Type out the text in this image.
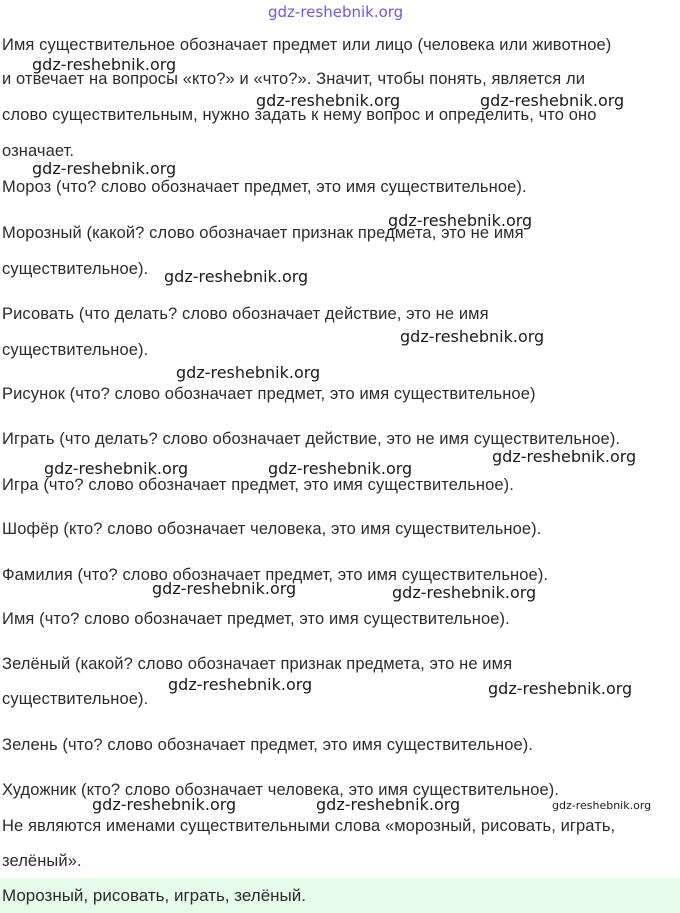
gdz-reshebnik.org
Имя существительное обозначает предмет или лицо (человека или животное)
и отвечает на вопросы «кто?» и «что?». Значит, чтобы понять, является ли
слово существительным, нужно задать к нему вопрос и определить, что оно
означает.
Мороз (что? слово обозначает предмет, это имя существительное).
Морозный (какой? слово обозначает признак предмета, это не имя
существительное).
Рисовать (что делать? слово обозначает действие, это не имя
существительное).
Рисунок (что? слово обозначает предмет, это имя существительное)
Играть (что делать? слово обозначает действие, это не имя существительное).
Игра (что? слово обозначает предмет, это имя существительное).
Шофёр (кто? слово обозначает человека, это имя существительное).
Фамилия (что? слово обозначает предмет, это имя существительное).
Имя (что? слово обозначает предмет, это имя существительное).
Зелёный (какой? слово обозначает признак предмета, это не имя
существительное).
Зелень (что? слово обозначает предмет, это имя существительное).
Художник (кто? слово обозначает человека, это имя существительное).
Не являются именами существительными слова «морозный, рисовать, играть,
зелёный».
Морозный, рисовать, играть, зелёный.
gdz-reshebnik.org
gdz-reshebnik.org	gdz-reshebnik.org
gdz-reshebnik.org
gdz-reshebnik.org
gdz-reshebnik.org
gdz-reshebnik.org
gdz-reshebnik.org
gdz-reshebnik.org
gdz-reshebnik.org	gdz-reshebnik.org
gdz-reshebnik.org	gdz-reshebnik.org
gdz-reshebnik.org	gdz-reshebnik.org
gdz-reshebnik.org	gdz-reshebnik.org	gdz-reshebnik.org
